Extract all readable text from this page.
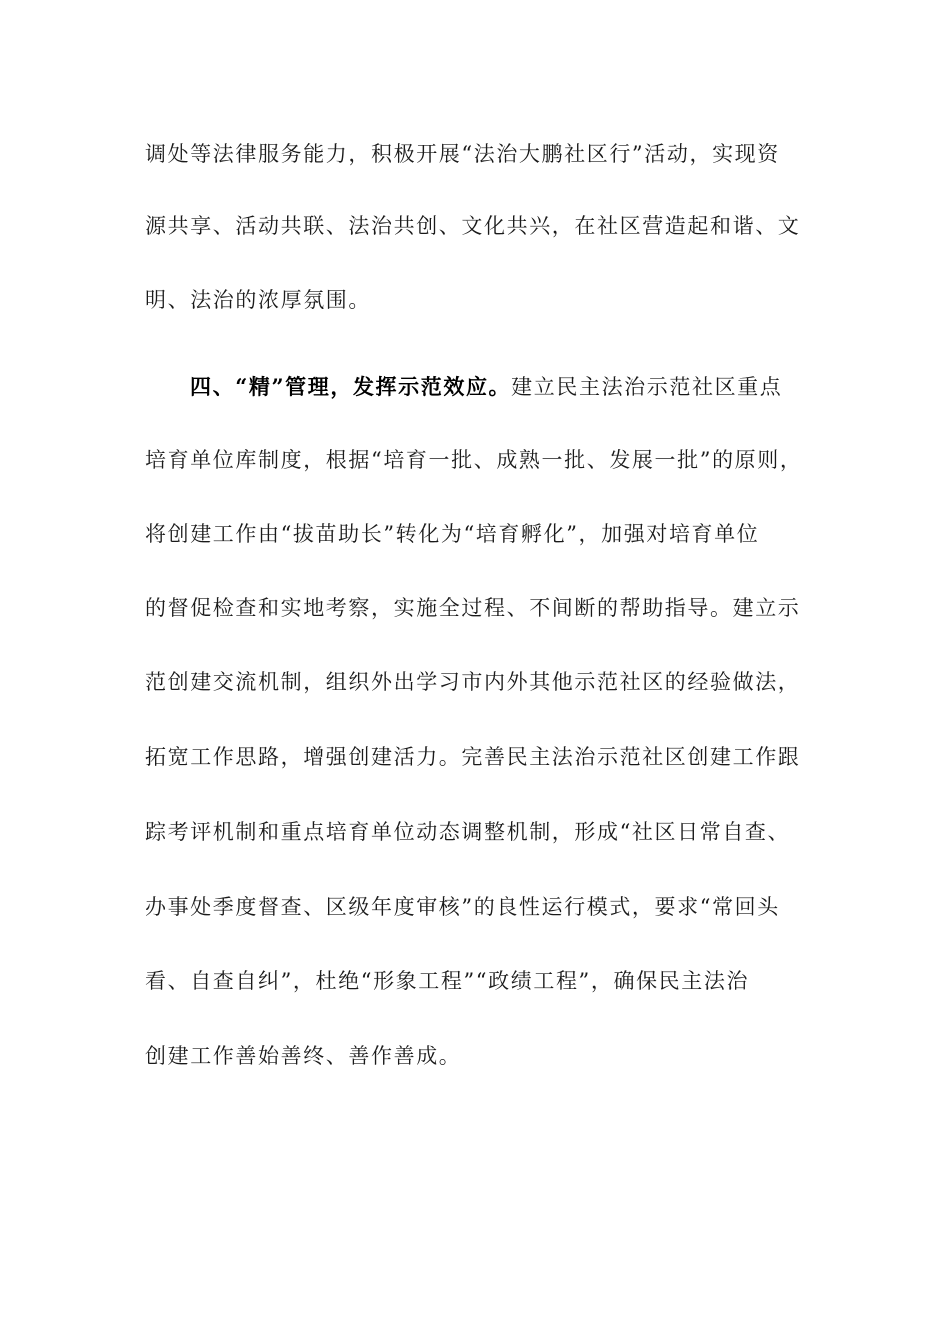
调处等法律服务能力，积极开展“法治大鹏社区行”活动，实现资
源共享、活动共联、法治共创、文化共兴，在社区营造起和谐、文
明、法治的浓厚氛围。
四、“精”管理，发挥示范效应。建立民主法治示范社区重点
培育单位库制度，根据“培育一批、成熟一批、发展一批”的原则，
将创建工作由“拔苗助长”转化为“培育孵化”，加强对培育单位
的督促检查和实地考察，实施全过程、不间断的帮助指导。建立示
范创建交流机制，组织外出学习市内外其他示范社区的经验做法，
拓宽工作思路，增强创建活力。完善民主法治示范社区创建工作跟
踪考评机制和重点培育单位动态调整机制，形成“社区日常自查、
办事处季度督查、区级年度审核”的良性运行模式，要求“常回头
看、自查自纠”，杜绝“形象工程”“政绩工程”，确保民主法治
创建工作善始善终、善作善成。
